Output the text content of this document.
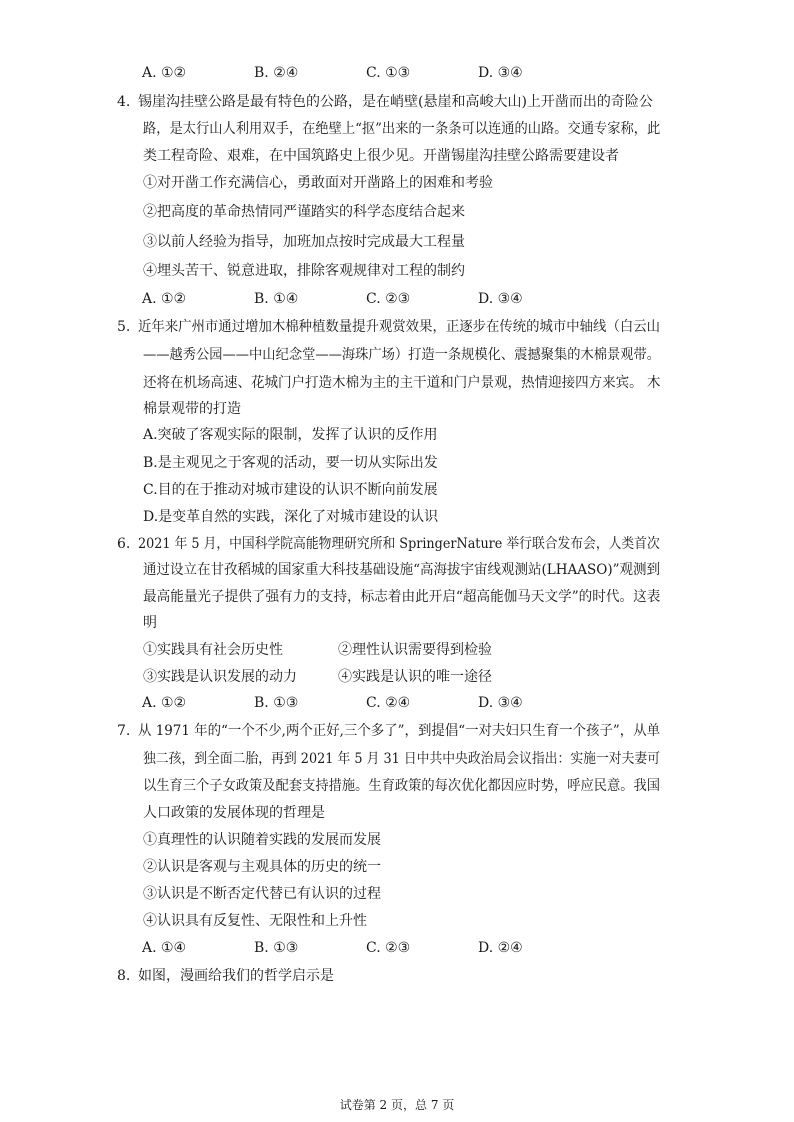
A. ①②	B. ②④	C. ①③	D. ③④
4. 锡崖沟挂壁公路是最有特色的公路，是在峭壁(悬崖和高峻大山)上开凿而出的奇险公
路，是太行山人利用双手，在绝壁上“抠”出来的一条条可以连通的山路。交通专家称，此
类工程奇险、艰难，在中国筑路史上很少见。开凿锡崖沟挂壁公路需要建设者
①对开凿工作充满信心，勇敢面对开凿路上的困难和考验
②把高度的革命热情同严谨踏实的科学态度结合起来
③以前人经验为指导，加班加点按时完成最大工程量
④埋头苦干、锐意进取，排除客观规律对工程的制约
A. ①②	B. ①④	C. ②③	D. ③④
5. 近年来广州市通过增加木棉种植数量提升观赏效果，正逐步在传统的城市中轴线（白云山
——越秀公园——中山纪念堂——海珠广场）打造一条规模化、震撼聚集的木棉景观带。
还将在机场高速、花城门户打造木棉为主的主干道和门户景观，热情迎接四方来宾。 木
棉景观带的打造
A.突破了客观实际的限制，发挥了认识的反作用
B.是主观见之于客观的活动，要一切从实际出发
C.目的在于推动对城市建设的认识不断向前发展
D.是变革自然的实践，深化了对城市建设的认识
6. 2021 年 5 月，中国科学院高能物理研究所和 SpringerNature 举行联合发布会，人类首次
通过设立在甘孜稻城的国家重大科技基础设施“高海拔宇宙线观测站(LHAASO)”观测到
最高能量光子提供了强有力的支持，标志着由此开启“超高能伽马天文学”的时代。这表
明
①实践具有社会历史性	②理性认识需要得到检验
③实践是认识发展的动力	④实践是认识的唯一途径
A. ①②	B. ①③	C. ②④	D. ③④
7. 从 1971 年的“一个不少,两个正好,三个多了”，到提倡“一对夫妇只生育一个孩子”，从单
独二孩，到全面二胎，再到 2021 年 5 月 31 日中共中央政治局会议指出：实施一对夫妻可
以生育三个子女政策及配套支持措施。生育政策的每次优化都因应时势，呼应民意。我国
人口政策的发展体现的哲理是
①真理性的认识随着实践的发展而发展
②认识是客观与主观具体的历史的统一
③认识是不断否定代替已有认识的过程
④认识具有反复性、无限性和上升性
A. ①④	B. ①③	C. ②③	D. ②④
8. 如图，漫画给我们的哲学启示是
试卷第 2 页，总 7 页
